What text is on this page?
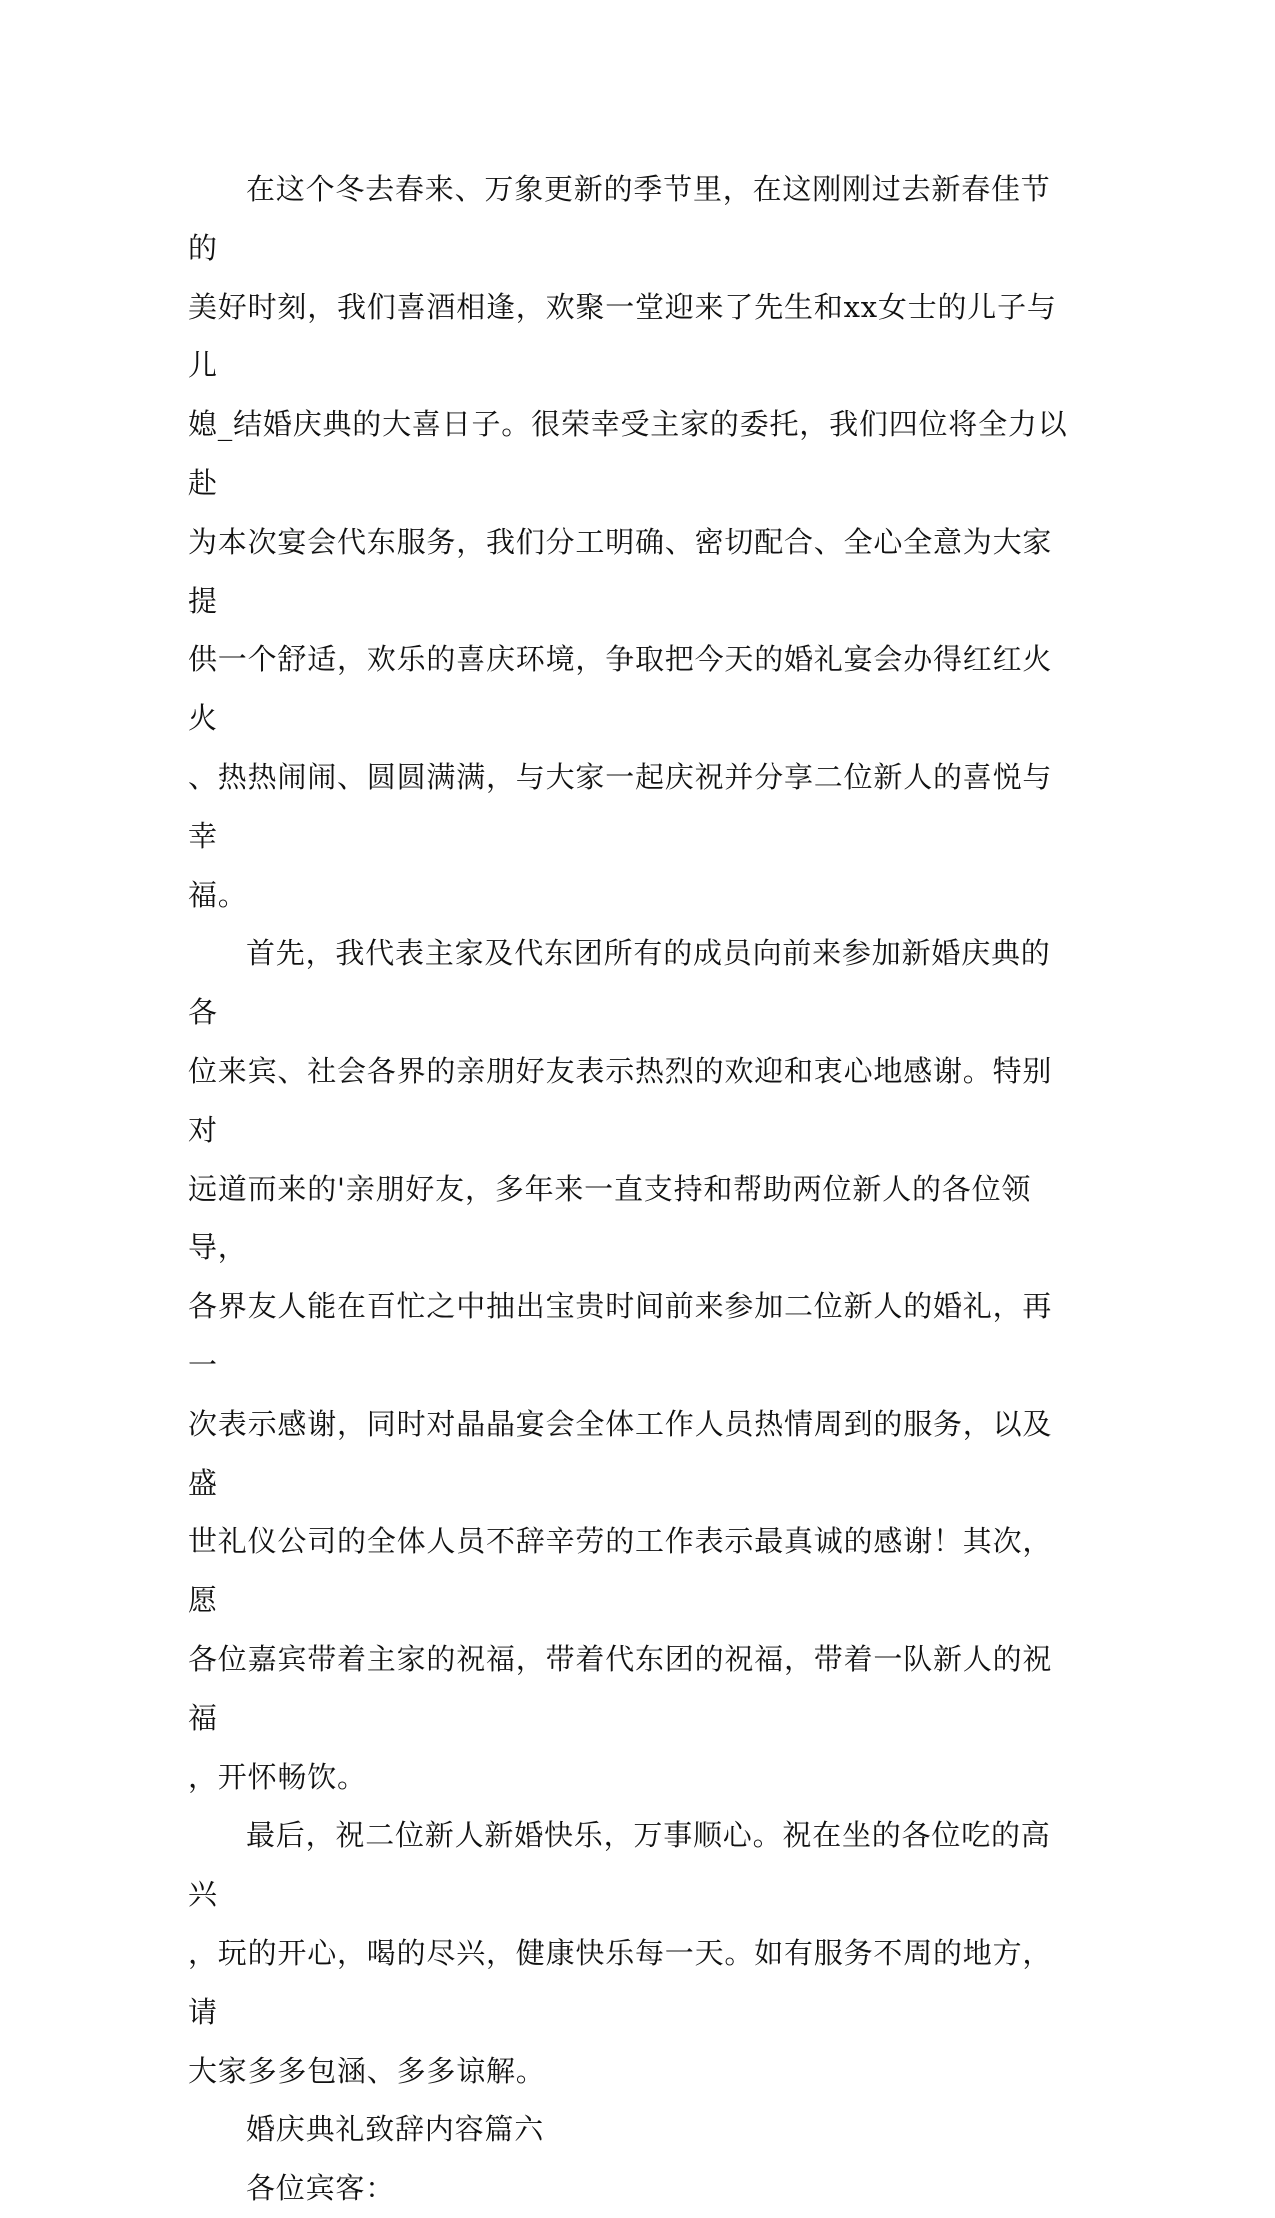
在这个冬去春来、万象更新的季节里，在这刚刚过去新春佳节的
美好时刻，我们喜酒相逢，欢聚一堂迎来了先生和xx女士的儿子与儿
媳_结婚庆典的大喜日子。很荣幸受主家的委托，我们四位将全力以赴
为本次宴会代东服务，我们分工明确、密切配合、全心全意为大家提
供一个舒适，欢乐的喜庆环境，争取把今天的婚礼宴会办得红红火火
、热热闹闹、圆圆满满，与大家一起庆祝并分享二位新人的喜悦与幸
福。

首先，我代表主家及代东团所有的成员向前来参加新婚庆典的各
位来宾、社会各界的亲朋好友表示热烈的欢迎和衷心地感谢。特别对
远道而来的'亲朋好友，多年来一直支持和帮助两位新人的各位领导，
各界友人能在百忙之中抽出宝贵时间前来参加二位新人的婚礼，再一
次表示感谢，同时对晶晶宴会全体工作人员热情周到的服务，以及盛
世礼仪公司的全体人员不辞辛劳的工作表示最真诚的感谢！其次，愿
各位嘉宾带着主家的祝福，带着代东团的祝福，带着一队新人的祝福
，开怀畅饮。

最后，祝二位新人新婚快乐，万事顺心。祝在坐的各位吃的高兴
，玩的开心，喝的尽兴，健康快乐每一天。如有服务不周的地方，请
大家多多包涵、多多谅解。

婚庆典礼致辞内容篇六

各位宾客：
